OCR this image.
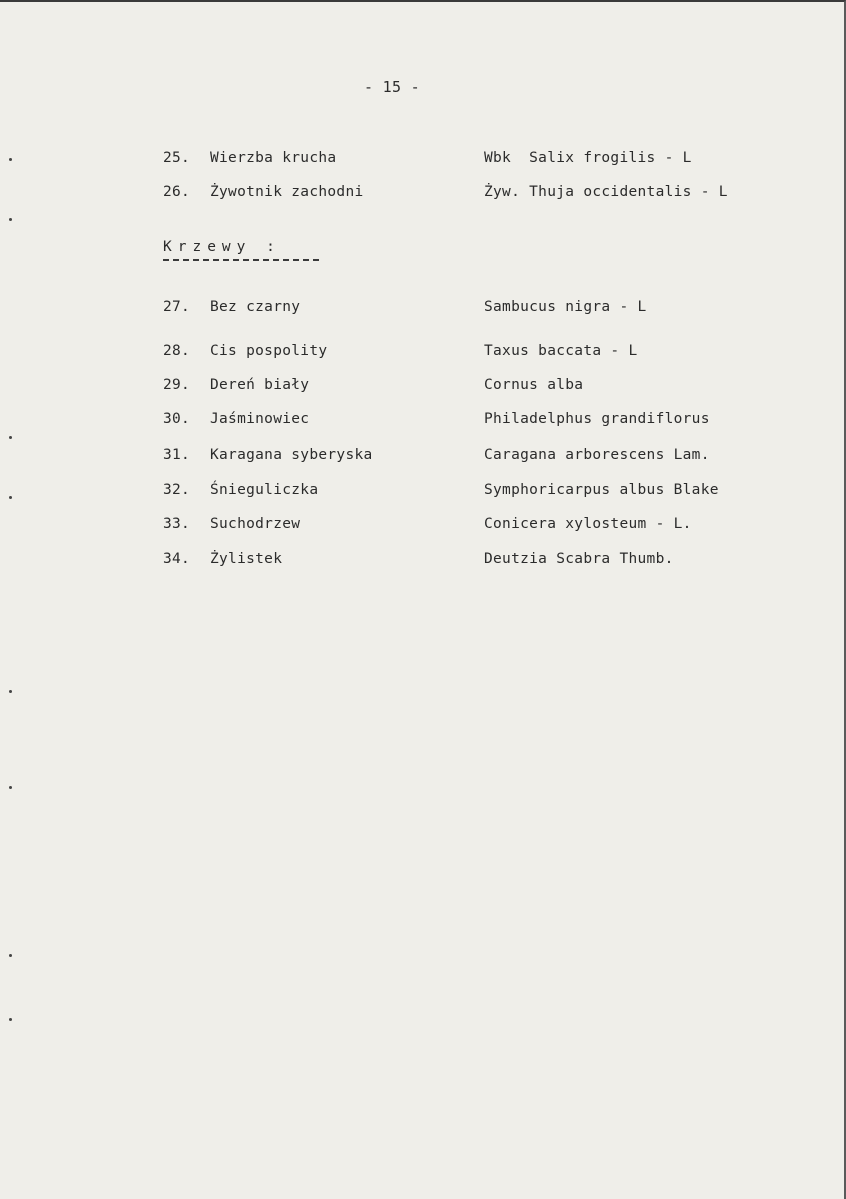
- 15 -
25.	Wierzba krucha	Wbk  Salix frogilis - L
26.	Żywotnik zachodni	Żyw. Thuja occidentalis - L
Krzewy :
27.	Bez czarny	Sambucus nigra - L
28.	Cis pospolity	Taxus baccata - L
29.	Dereń biały	Cornus alba
30.	Jaśminowiec	Philadelphus grandiflorus
31.	Karagana syberyska	Caragana arborescens Lam.
32.	Śnieguliczka	Symphoricarpus albus Blake
33.	Suchodrzew	Conicera xylosteum - L.
34.	Żylistek	Deutzia Scabra Thumb.
